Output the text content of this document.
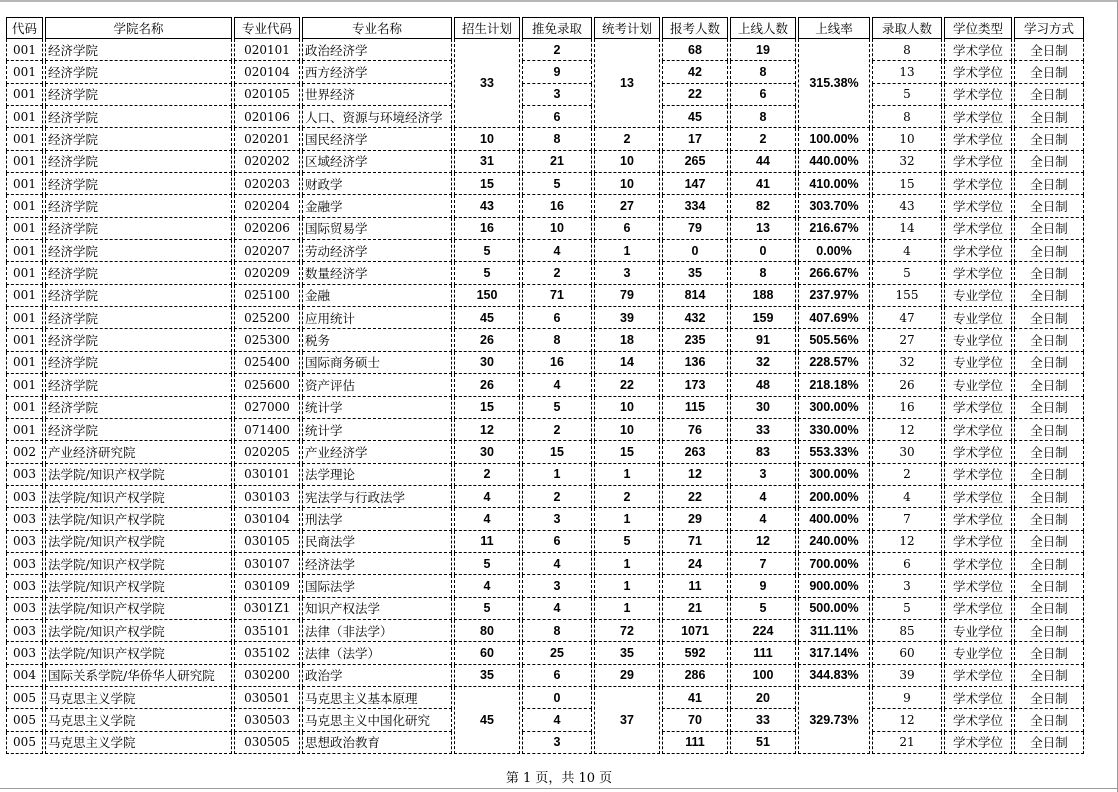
代码	学院名称	专业代码	专业名称	招生计划	推免录取	统考计划	报考人数	上线人数	上线率	录取人数	学位类型	学习方式
001	经济学院	020101	政治经济学	33	2	13	68	19	315.38%	8	学术学位	全日制
001	经济学院	020104	西方经济学		9		42	8		13	学术学位	全日制
001	经济学院	020105	世界经济		3		22	6		5	学术学位	全日制
001	经济学院	020106	人口、资源与环境经济学		6		45	8		8	学术学位	全日制
001	经济学院	020201	国民经济学	10	8	2	17	2	100.00%	10	学术学位	全日制
001	经济学院	020202	区域经济学	31	21	10	265	44	440.00%	32	学术学位	全日制
001	经济学院	020203	财政学	15	5	10	147	41	410.00%	15	学术学位	全日制
001	经济学院	020204	金融学	43	16	27	334	82	303.70%	43	学术学位	全日制
001	经济学院	020206	国际贸易学	16	10	6	79	13	216.67%	14	学术学位	全日制
001	经济学院	020207	劳动经济学	5	4	1	0	0	0.00%	4	学术学位	全日制
001	经济学院	020209	数量经济学	5	2	3	35	8	266.67%	5	学术学位	全日制
001	经济学院	025100	金融	150	71	79	814	188	237.97%	155	专业学位	全日制
001	经济学院	025200	应用统计	45	6	39	432	159	407.69%	47	专业学位	全日制
001	经济学院	025300	税务	26	8	18	235	91	505.56%	27	专业学位	全日制
001	经济学院	025400	国际商务硕士	30	16	14	136	32	228.57%	32	专业学位	全日制
001	经济学院	025600	资产评估	26	4	22	173	48	218.18%	26	专业学位	全日制
001	经济学院	027000	统计学	15	5	10	115	30	300.00%	16	学术学位	全日制
001	经济学院	071400	统计学	12	2	10	76	33	330.00%	12	学术学位	全日制
002	产业经济研究院	020205	产业经济学	30	15	15	263	83	553.33%	30	学术学位	全日制
003	法学院/知识产权学院	030101	法学理论	2	1	1	12	3	300.00%	2	学术学位	全日制
003	法学院/知识产权学院	030103	宪法学与行政法学	4	2	2	22	4	200.00%	4	学术学位	全日制
003	法学院/知识产权学院	030104	刑法学	4	3	1	29	4	400.00%	7	学术学位	全日制
003	法学院/知识产权学院	030105	民商法学	11	6	5	71	12	240.00%	12	学术学位	全日制
003	法学院/知识产权学院	030107	经济法学	5	4	1	24	7	700.00%	6	学术学位	全日制
003	法学院/知识产权学院	030109	国际法学	4	3	1	11	9	900.00%	3	学术学位	全日制
003	法学院/知识产权学院	0301Z1	知识产权法学	5	4	1	21	5	500.00%	5	学术学位	全日制
003	法学院/知识产权学院	035101	法律（非法学）	80	8	72	1071	224	311.11%	85	专业学位	全日制
003	法学院/知识产权学院	035102	法律（法学）	60	25	35	592	111	317.14%	60	专业学位	全日制
004	国际关系学院/华侨华人研究院	030200	政治学	35	6	29	286	100	344.83%	39	学术学位	全日制
005	马克思主义学院	030501	马克思主义基本原理	45	0	37	41	20	329.73%	9	学术学位	全日制
005	马克思主义学院	030503	马克思主义中国化研究		4		70	33		12	学术学位	全日制
005	马克思主义学院	030505	思想政治教育		3		111	51		21	学术学位	全日制
第 1 页，共 10 页
